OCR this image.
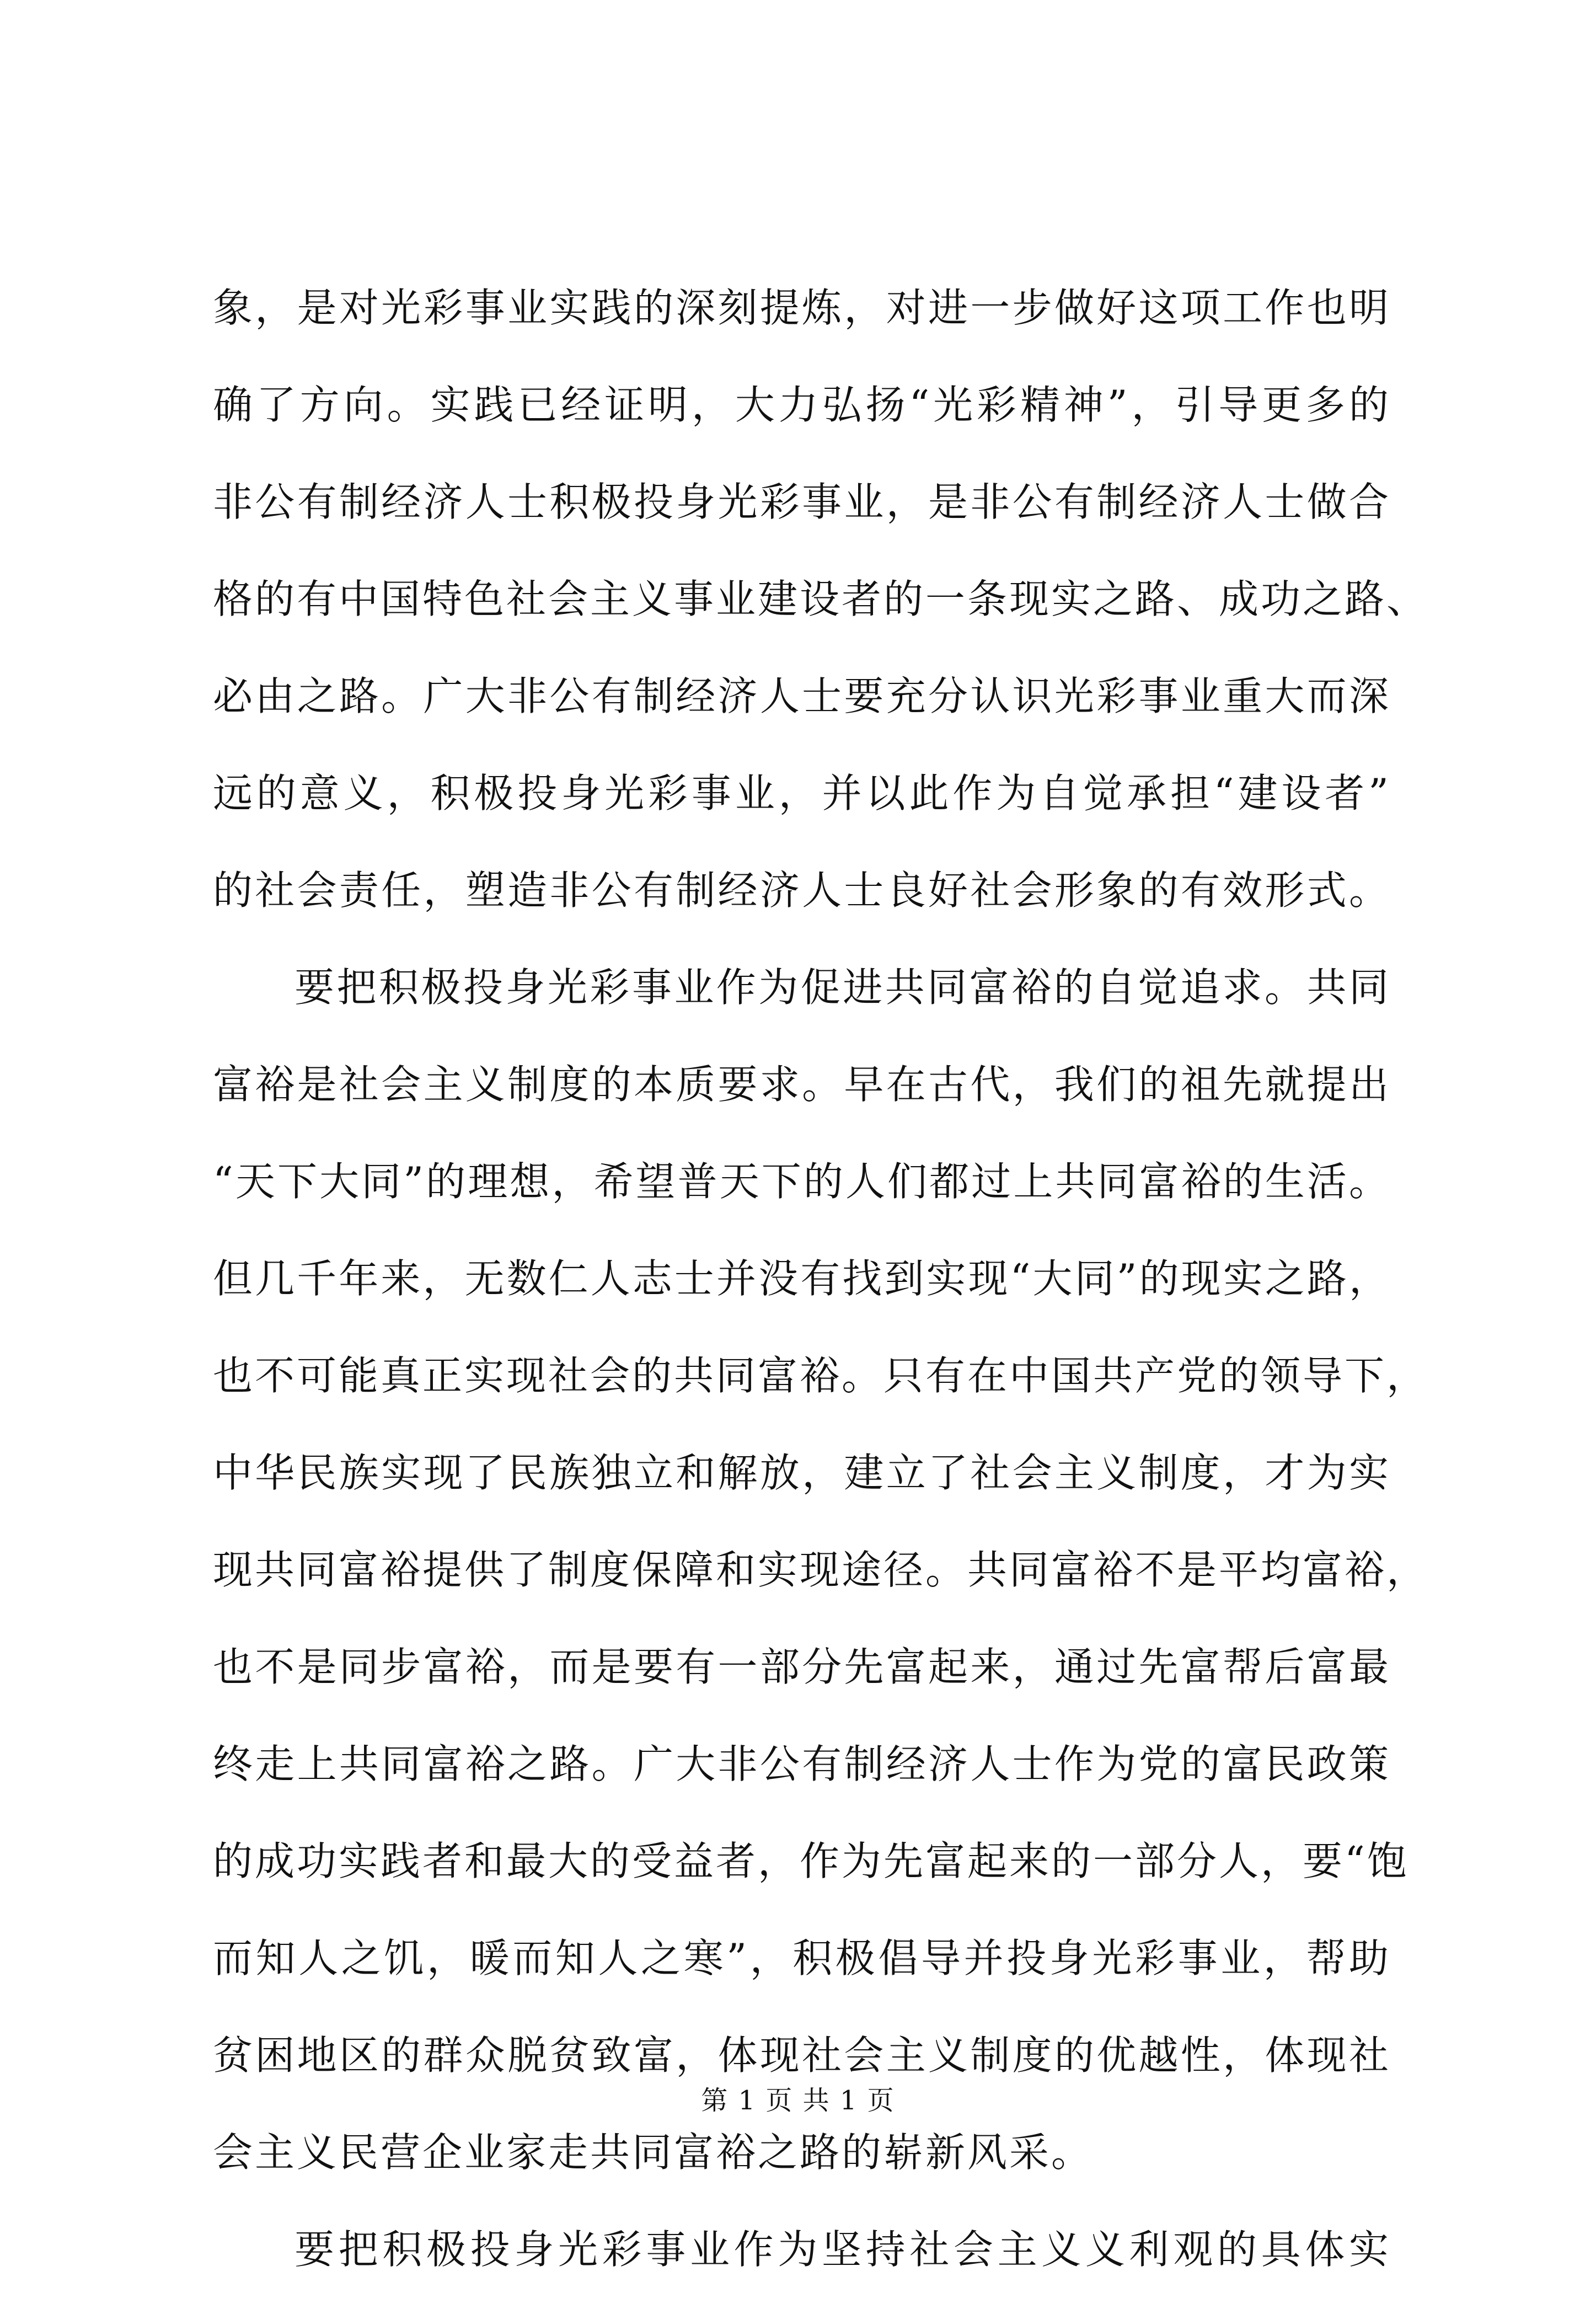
象，是对光彩事业实践的深刻提炼，对进一步做好这项工作也明
确了方向。实践已经证明，大力弘扬“光彩精神”，引导更多的
非公有制经济人士积极投身光彩事业，是非公有制经济人士做合
格的有中国特色社会主义事业建设者的一条现实之路、成功之路、
必由之路。广大非公有制经济人士要充分认识光彩事业重大而深
远的意义，积极投身光彩事业，并以此作为自觉承担“建设者”
的社会责任，塑造非公有制经济人士良好社会形象的有效形式。
要把积极投身光彩事业作为促进共同富裕的自觉追求。共同
富裕是社会主义制度的本质要求。早在古代，我们的祖先就提出
“天下大同”的理想，希望普天下的人们都过上共同富裕的生活。
但几千年来，无数仁人志士并没有找到实现“大同”的现实之路，
也不可能真正实现社会的共同富裕。只有在中国共产党的领导下，
中华民族实现了民族独立和解放，建立了社会主义制度，才为实
现共同富裕提供了制度保障和实现途径。共同富裕不是平均富裕，
也不是同步富裕，而是要有一部分先富起来，通过先富帮后富最
终走上共同富裕之路。广大非公有制经济人士作为党的富民政策
的成功实践者和最大的受益者，作为先富起来的一部分人，要“饱
而知人之饥，暖而知人之寒”，积极倡导并投身光彩事业，帮助
贫困地区的群众脱贫致富，体现社会主义制度的优越性，体现社
会主义民营企业家走共同富裕之路的崭新风采。
要把积极投身光彩事业作为坚持社会主义义利观的具体实
第 1 页 共 1 页
